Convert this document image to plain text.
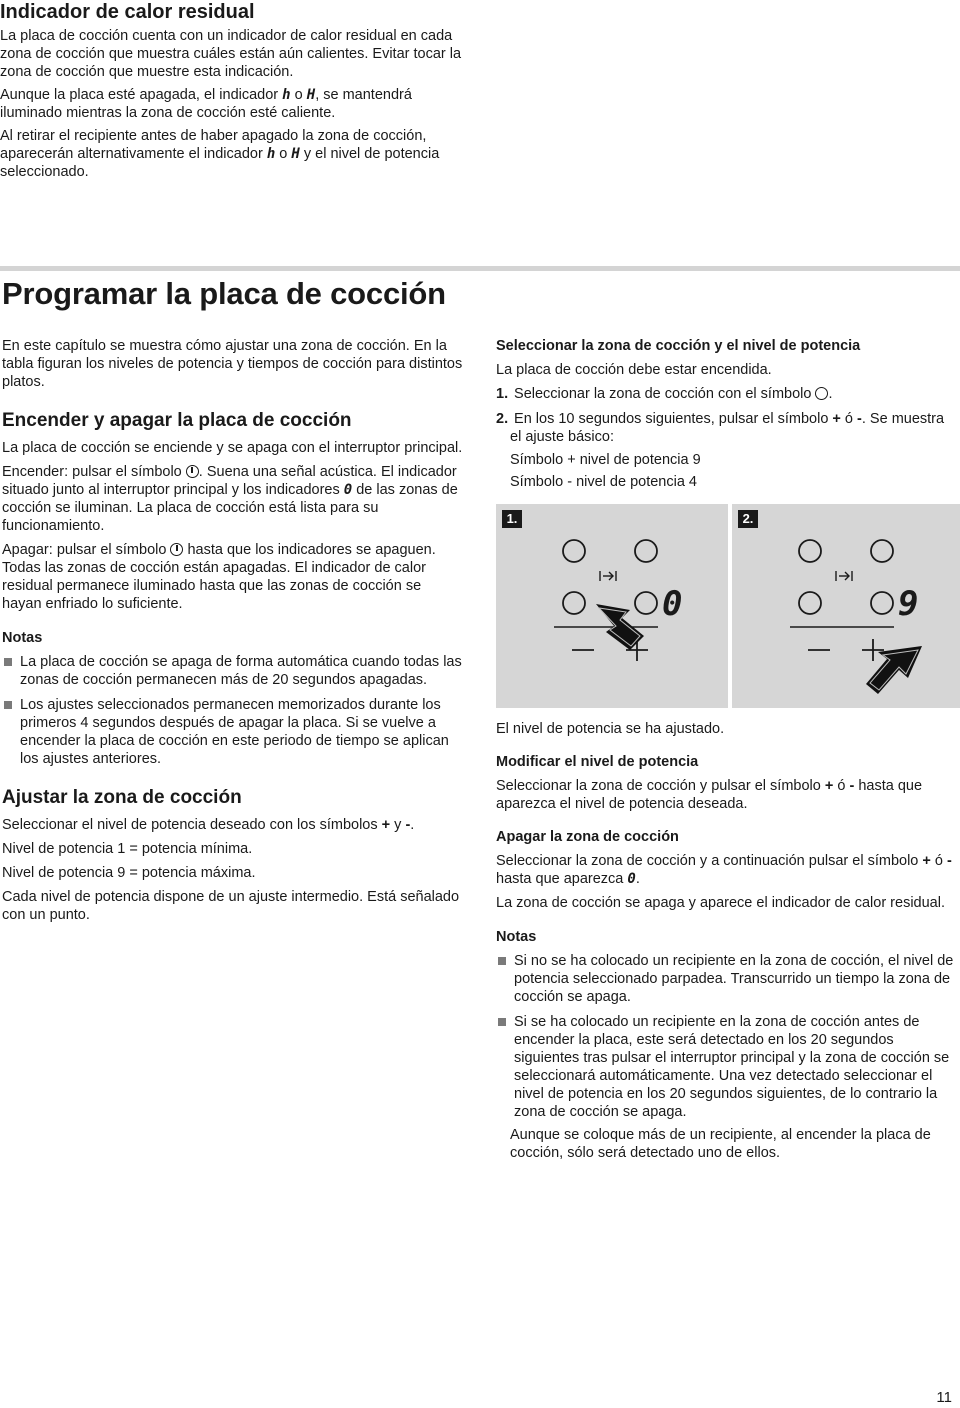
Indicador de calor residual

La placa de cocción cuenta con un indicador de calor residual en cada zona de cocción que muestra cuáles están aún calientes. Evitar tocar la zona de cocción que muestre esta indicación.

Aunque la placa esté apagada, el indicador h o H, se mantendrá iluminado mientras la zona de cocción esté caliente.

Al retirar el recipiente antes de haber apagado la zona de cocción, aparecerán alternativamente el indicador h o H y el nivel de potencia seleccionado.

Programar la placa de cocción

En este capítulo se muestra cómo ajustar una zona de cocción. En la tabla figuran los niveles de potencia y tiempos de cocción para distintos platos.

Encender y apagar la placa de cocción

La placa de cocción se enciende y se apaga con el interruptor principal.

Encender: pulsar el símbolo . Suena una señal acústica. El indicador situado junto al interruptor principal y los indicadores 0 de las zonas de cocción se iluminan. La placa de cocción está lista para su funcionamiento.

Apagar: pulsar el símbolo hasta que los indicadores se apaguen. Todas las zonas de cocción están apagadas. El indicador de calor residual permanece iluminado hasta que las zonas de cocción se hayan enfriado lo suficiente.

Notas

La placa de cocción se apaga de forma automática cuando todas las zonas de cocción permanecen más de 20 segundos apagadas.

Los ajustes seleccionados permanecen memorizados durante los primeros 4 segundos después de apagar la placa. Si se vuelve a encender la placa de cocción en este periodo de tiempo se aplican los ajustes anteriores.

Ajustar la zona de cocción

Seleccionar el nivel de potencia deseado con los símbolos + y -.

Nivel de potencia 1 = potencia mínima.

Nivel de potencia 9 = potencia máxima.

Cada nivel de potencia dispone de un ajuste intermedio. Está señalado con un punto.

Seleccionar la zona de cocción y el nivel de potencia

La placa de cocción debe estar encendida.

1. Seleccionar la zona de cocción con el símbolo .

2. En los 10 segundos siguientes, pulsar el símbolo + ó -. Se muestra el ajuste básico:

Símbolo + nivel de potencia 9

Símbolo - nivel de potencia 4

1.
0
2.
9

El nivel de potencia se ha ajustado.

Modificar el nivel de potencia

Seleccionar la zona de cocción y pulsar el símbolo + ó - hasta que aparezca el nivel de potencia deseada.

Apagar la zona de cocción

Seleccionar la zona de cocción y a continuación pulsar el símbolo + ó - hasta que aparezca 0.

La zona de cocción se apaga y aparece el indicador de calor residual.

Notas

Si no se ha colocado un recipiente en la zona de cocción, el nivel de potencia seleccionado parpadea. Transcurrido un tiempo la zona de cocción se apaga.

Si se ha colocado un recipiente en la zona de cocción antes de encender la placa, este será detectado en los 20 segundos siguientes tras pulsar el interruptor principal y la zona de cocción se seleccionará automáticamente. Una vez detectado seleccionar el nivel de potencia en los 20 segundos siguientes, de lo contrario la zona de cocción se apaga.

Aunque se coloque más de un recipiente, al encender la placa de cocción, sólo será detectado uno de ellos.

11
